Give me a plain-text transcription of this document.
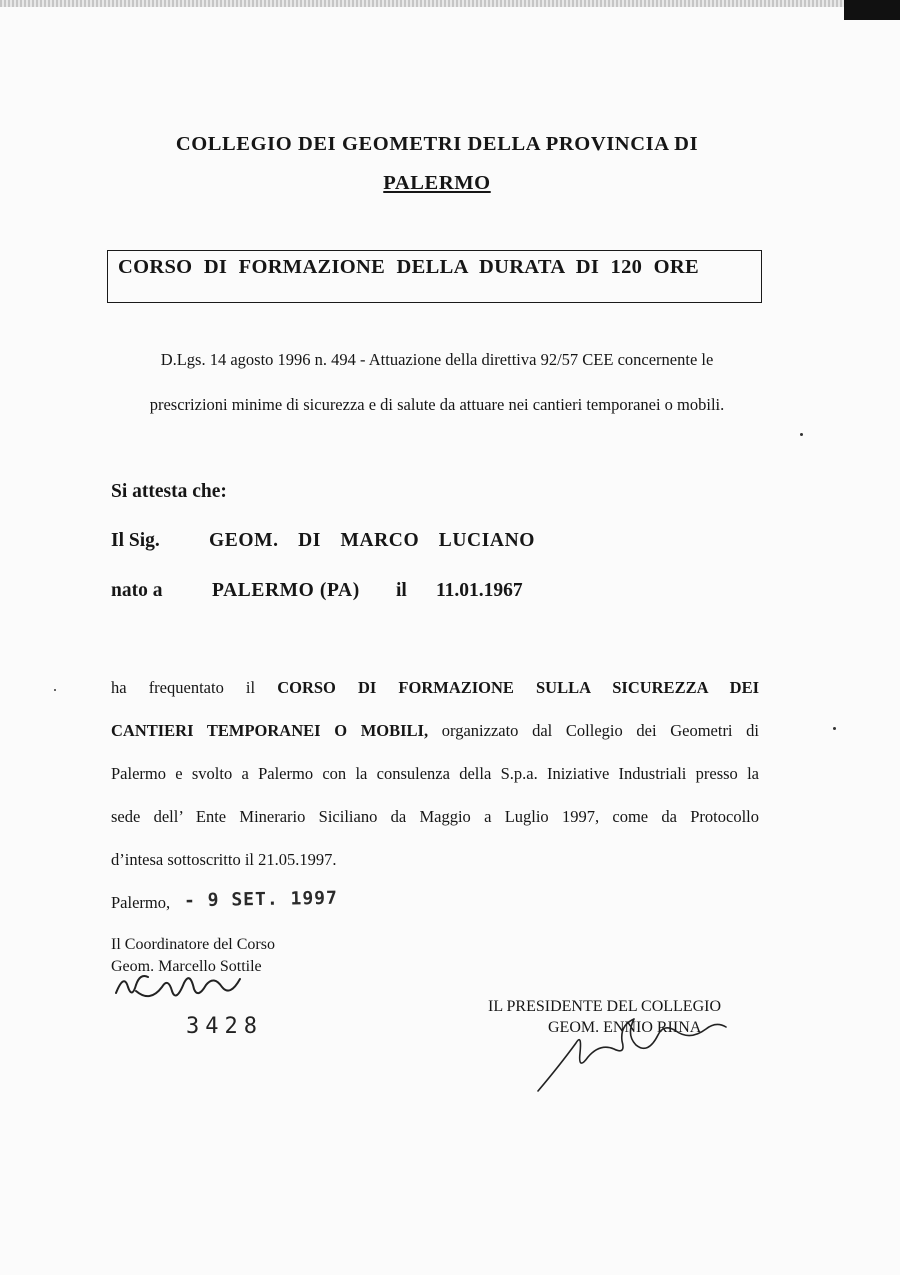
COLLEGIO DEI GEOMETRI DELLA PROVINCIA DI
PALERMO
CORSO DI FORMAZIONE DELLA DURATA DI 120 ORE
D.Lgs. 14 agosto 1996 n. 494 - Attuazione della direttiva 92/57 CEE concernente le
prescrizioni minime di sicurezza e di salute da attuare nei cantieri temporanei o mobili.
Si attesta che:
Il Sig.	GEOM. DI MARCO LUCIANO
nato a	PALERMO (PA) il 11.01.1967
ha frequentato il CORSO DI FORMAZIONE SULLA SICUREZZA DEI
CANTIERI TEMPORANEI O MOBILI, organizzato dal Collegio dei Geometri di
Palermo e svolto a Palermo con la consulenza della S.p.a. Iniziative Industriali presso la
sede dell’ Ente Minerario Siciliano da Maggio a Luglio 1997, come da Protocollo
d’intesa sottoscritto il 21.05.1997.
Palermo, - 9 SET. 1997
Il Coordinatore del Corso
Geom. Marcello Sottile
3428
IL PRESIDENTE DEL COLLEGIO
GEOM. ENNIO RIINA
